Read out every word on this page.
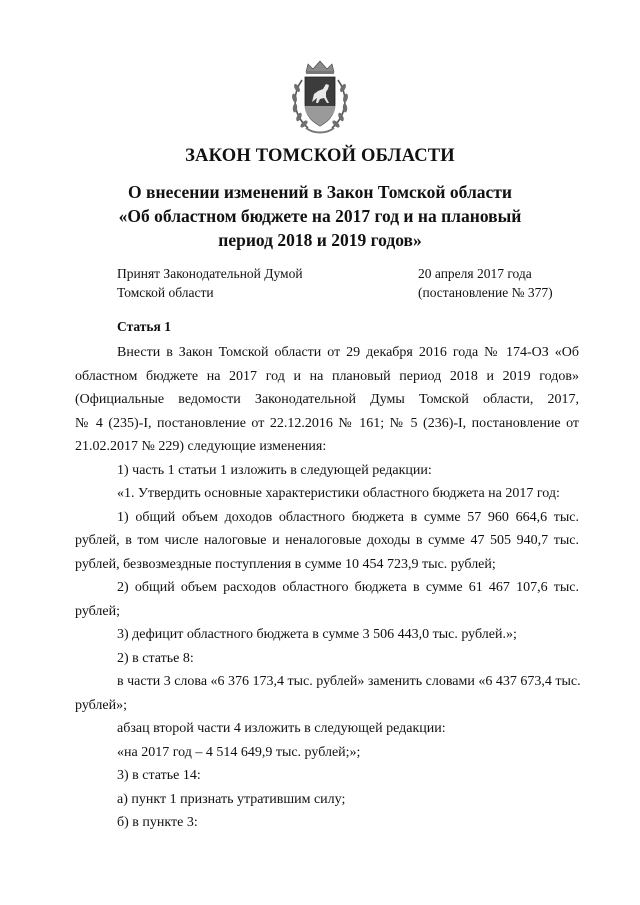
ЗАКОН ТОМСКОЙ ОБЛАСТИ
О внесении изменений в Закон Томской области
«Об областном бюджете на 2017 год и на плановый
период 2018 и 2019 годов»
Принят Законодательной Думой
Томской области
20 апреля 2017 года
(постановление № 377)
Статья 1

Внести в Закон Томской области от 29 декабря 2016 года № 174-ОЗ «Об

областном бюджете на 2017 год и на плановый период 2018 и 2019 годов»

(Официальные ведомости Законодательной Думы Томской области, 2017,

№ 4 (235)-I, постановление от 22.12.2016 № 161; № 5 (236)-I, постановление от

21.02.2017 № 229) следующие изменения:

1) часть 1 статьи 1 изложить в следующей редакции:

«1. Утвердить основные характеристики областного бюджета на 2017 год:

1) общий объем доходов областного бюджета в сумме 57 960 664,6 тыс.

рублей, в том числе налоговые и неналоговые доходы в сумме 47 505 940,7 тыс.

рублей, безвозмездные поступления в сумме 10 454 723,9 тыс. рублей;

2) общий объем расходов областного бюджета в сумме 61 467 107,6 тыс.

рублей;

3) дефицит областного бюджета в сумме 3 506 443,0 тыс. рублей.»;

2) в статье 8:

в части 3 слова «6 376 173,4 тыс. рублей» заменить словами «6 437 673,4 тыс.

рублей»;

абзац второй части 4 изложить в следующей редакции:

«на 2017 год – 4 514 649,9 тыс. рублей;»;

3) в статье 14:

а) пункт 1 признать утратившим силу;

б) в пункте 3:
